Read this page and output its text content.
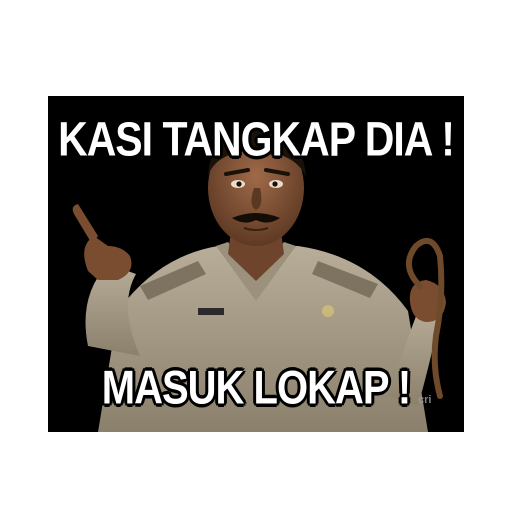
KASI TANGKAP DIA !
MASUK LOKAP ! cri
